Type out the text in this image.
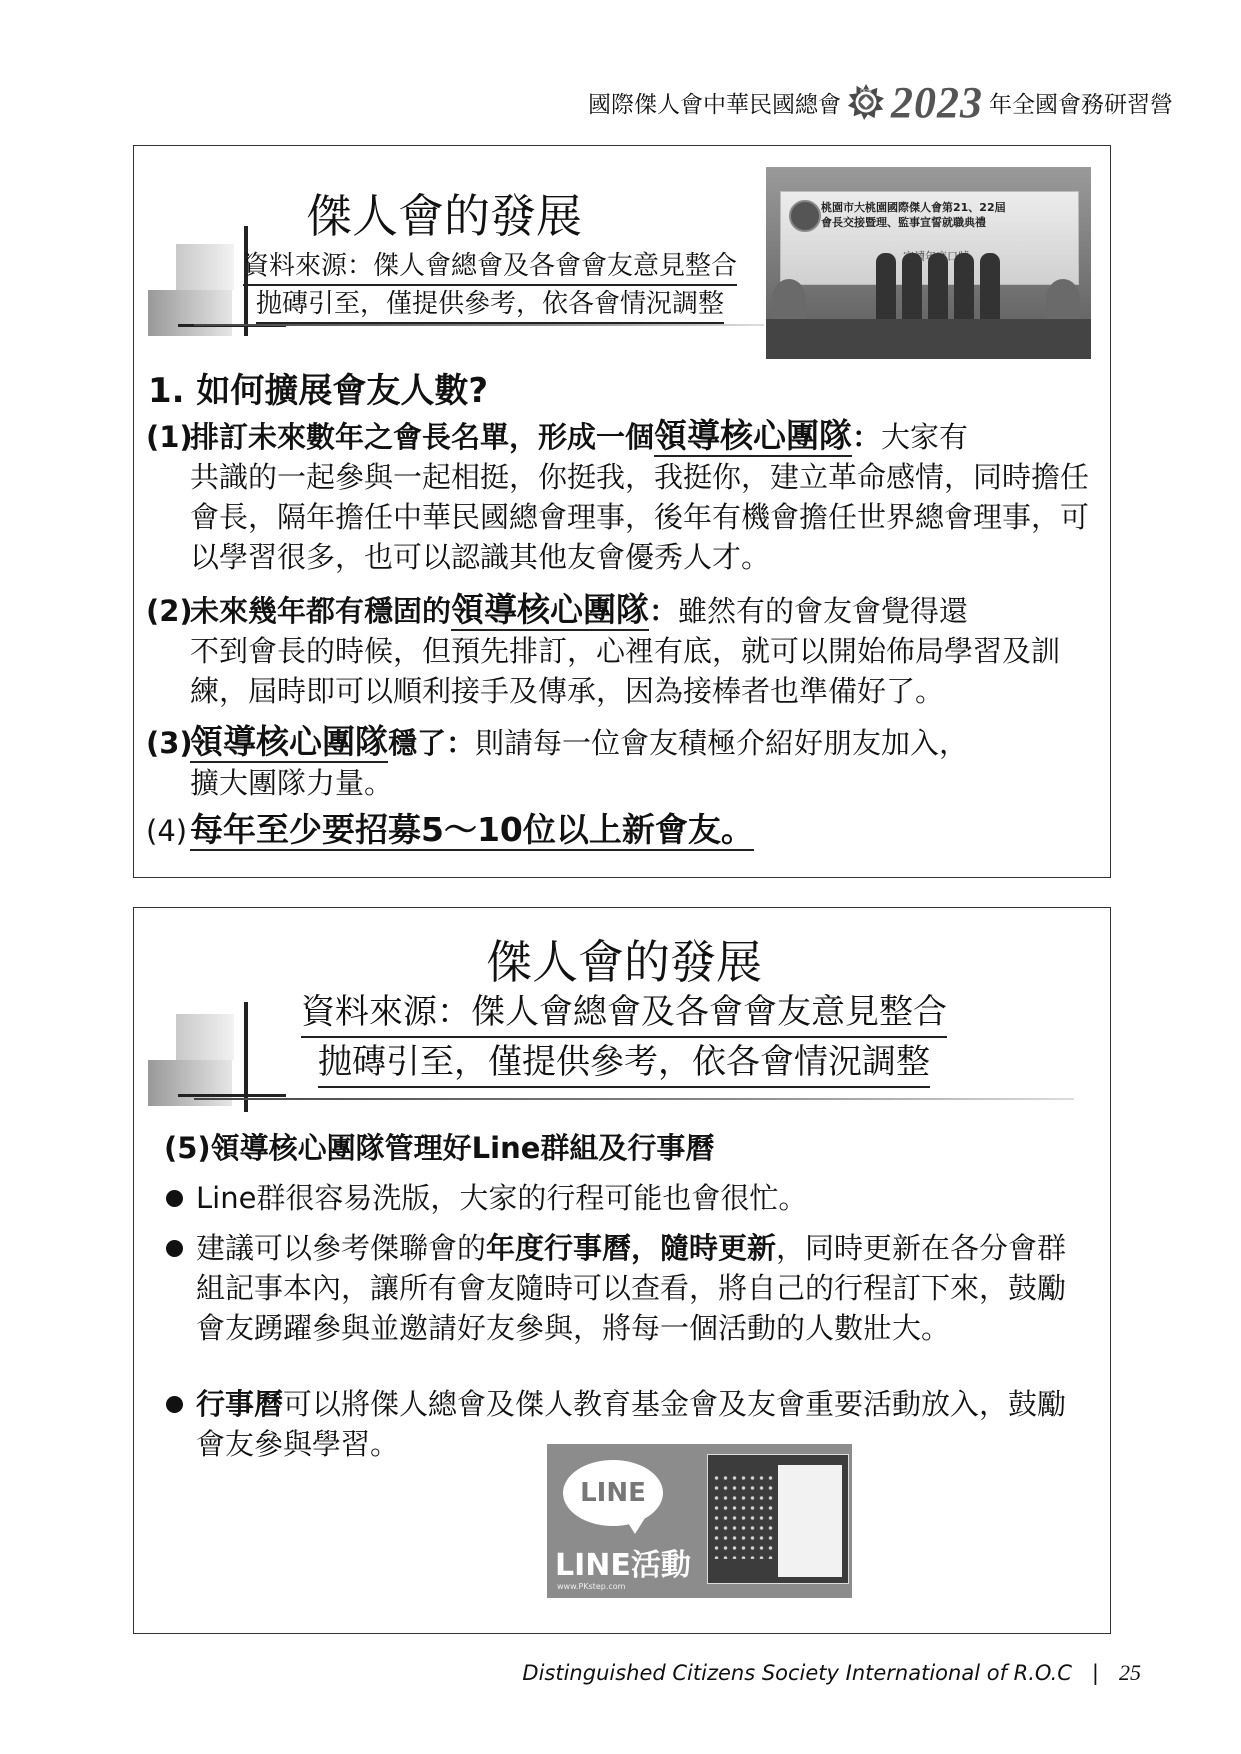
國際傑人會中華民國總會	DCSI 2023 年全國會務研習營
傑人會的發展
資料來源：傑人會總會及各會會友意見整合
抛磚引至，僅提供參考，依各會情況調整
桃園市大桃園國際傑人會第21、22屆
會長交接暨理、監事宣誓就職典禮
1. 如何擴展會友人數?
(1)排訂未來數年之會長名單，形成一個領導核心團隊：大家有
共識的一起參與一起相挺，你挺我，我挺你，建立革命感情，同時擔任會長，隔年擔任中華民國總會理事，後年有機會擔任世界總會理事，可以學習很多，也可以認識其他友會優秀人才。
(2)未來幾年都有穩固的領導核心團隊：雖然有的會友會覺得還
不到會長的時候，但預先排訂，心裡有底，就可以開始佈局學習及訓練，屆時即可以順利接手及傳承，因為接棒者也準備好了。
(3)領導核心團隊穩了：則請每一位會友積極介紹好朋友加入，
擴大團隊力量。
(4)每年至少要招募5～10位以上新會友。
傑人會的發展
資料來源：傑人會總會及各會會友意見整合
抛磚引至，僅提供參考，依各會情況調整
(5)領導核心團隊管理好Line群組及行事曆
Line群很容易洗版，大家的行程可能也會很忙。
建議可以參考傑聯會的年度行事曆，隨時更新，同時更新在各分會群組記事本內，讓所有會友隨時可以查看，將自己的行程訂下來，鼓勵會友踴躍參與並邀請好友參與，將每一個活動的人數壯大。
行事曆可以將傑人總會及傑人教育基金會及友會重要活動放入，鼓勵會友參與學習。
LINE
LINE活動
www.PKstep.com
Distinguished Citizens Society International of R.O.C | 25
